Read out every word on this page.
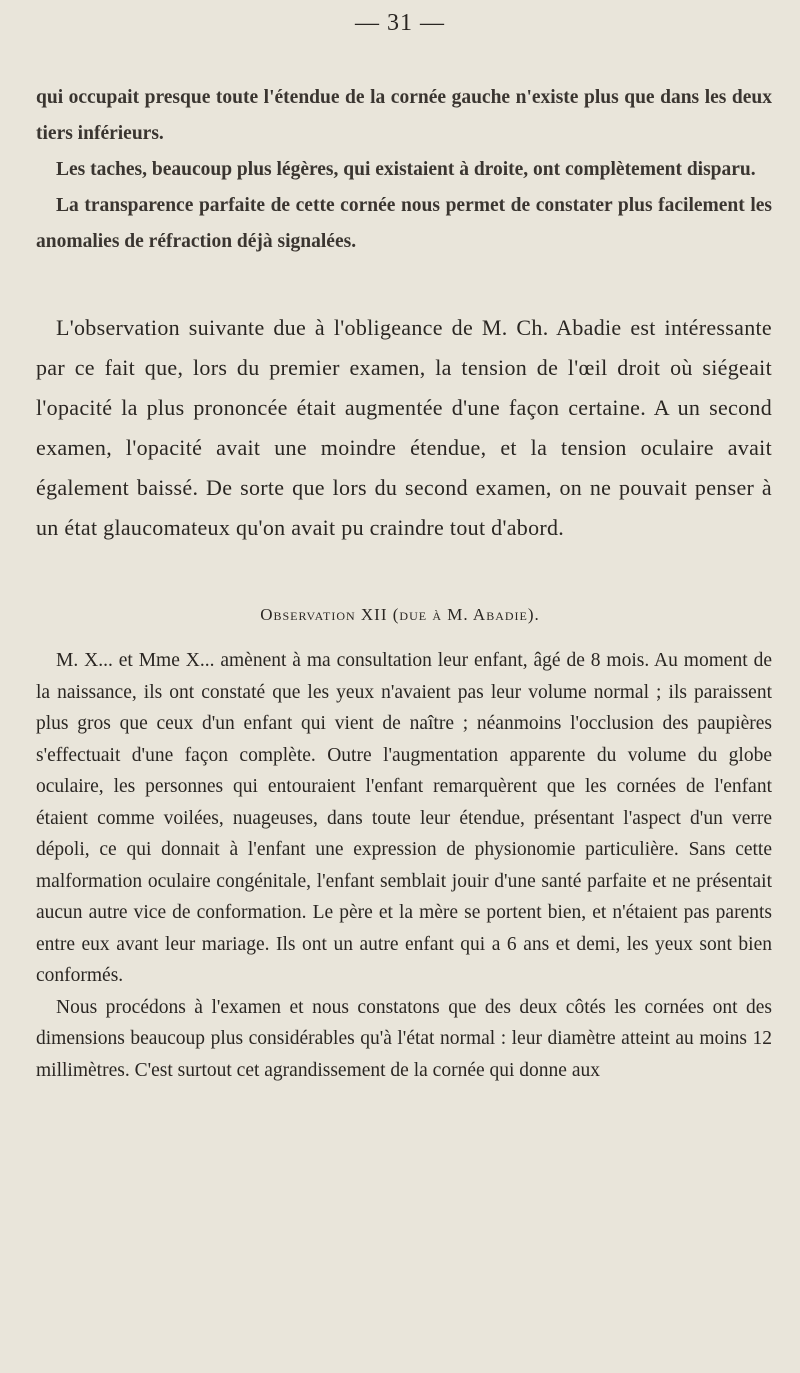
— 31 —

qui occupait presque toute l'étendue de la cornée gauche n'existe plus que dans les deux tiers inférieurs.

Les taches, beaucoup plus légères, qui existaient à droite, ont complètement disparu.

La transparence parfaite de cette cornée nous permet de constater plus facilement les anomalies de réfraction déjà signalées.

L'observation suivante due à l'obligeance de M. Ch. Abadie est intéressante par ce fait que, lors du premier examen, la tension de l'œil droit où siégeait l'opacité la plus prononcée était augmentée d'une façon certaine. A un second examen, l'opacité avait une moindre étendue, et la tension oculaire avait également baissé. De sorte que lors du second examen, on ne pouvait penser à un état glaucomateux qu'on avait pu craindre tout d'abord.

Observation XII (due à M. Abadie).

M. X... et Mme X... amènent à ma consultation leur enfant, âgé de 8 mois. Au moment de la naissance, ils ont constaté que les yeux n'avaient pas leur volume normal ; ils paraissent plus gros que ceux d'un enfant qui vient de naître ; néanmoins l'occlusion des paupières s'effectuait d'une façon complète. Outre l'augmentation apparente du volume du globe oculaire, les personnes qui entouraient l'enfant remarquèrent que les cornées de l'enfant étaient comme voilées, nuageuses, dans toute leur étendue, présentant l'aspect d'un verre dépoli, ce qui donnait à l'enfant une expression de physionomie particulière. Sans cette malformation oculaire congénitale, l'enfant semblait jouir d'une santé parfaite et ne présentait aucun autre vice de conformation. Le père et la mère se portent bien, et n'étaient pas parents entre eux avant leur mariage. Ils ont un autre enfant qui a 6 ans et demi, les yeux sont bien conformés.

Nous procédons à l'examen et nous constatons que des deux côtés les cornées ont des dimensions beaucoup plus considérables qu'à l'état normal : leur diamètre atteint au moins 12 millimètres. C'est surtout cet agrandissement de la cornée qui donne aux
